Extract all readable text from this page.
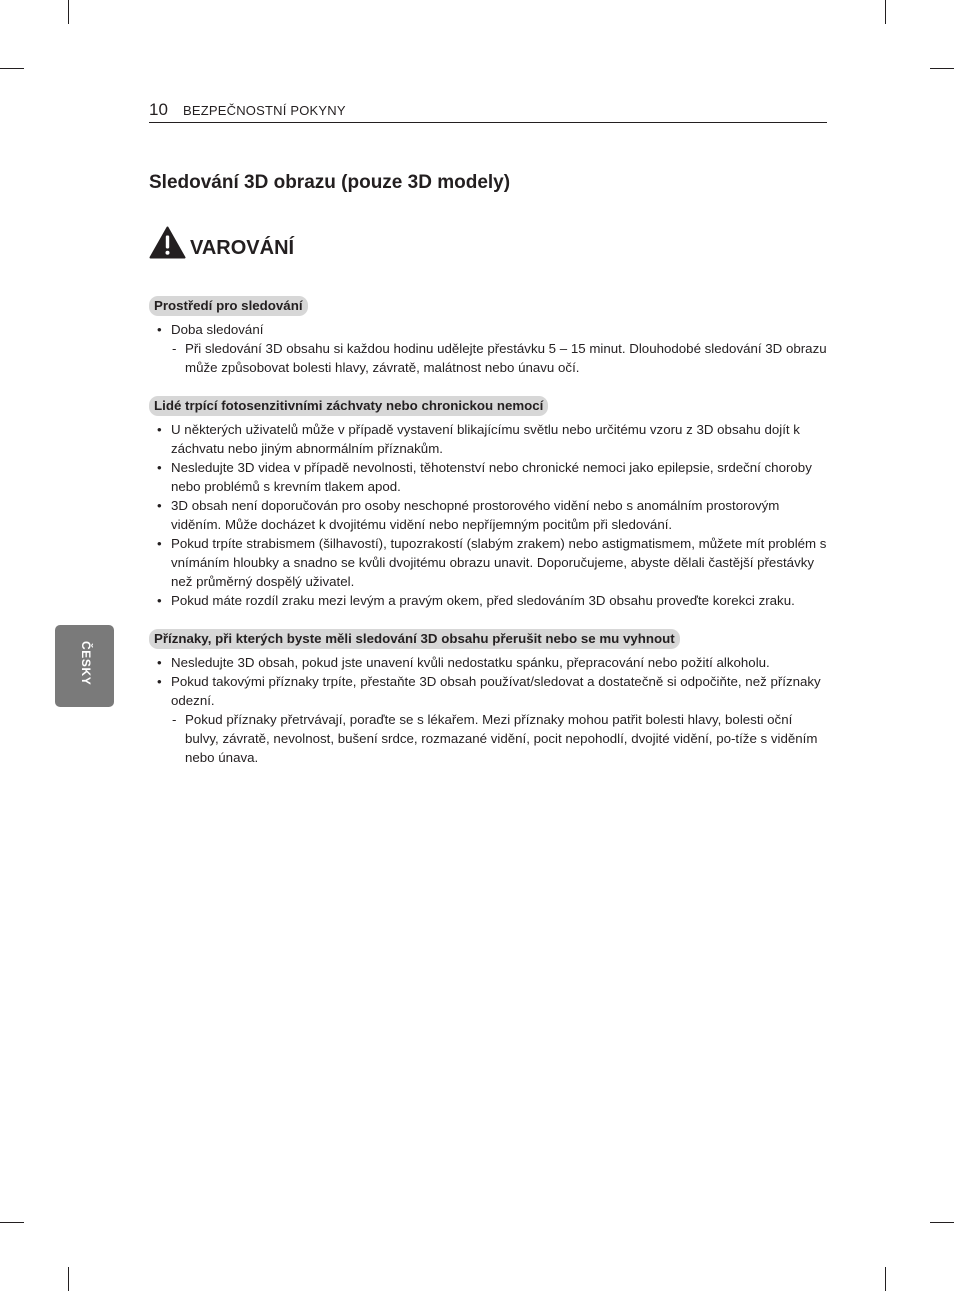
10 BEZPEČNOSTNÍ POKYNY
Sledování 3D obrazu (pouze 3D modely)
VAROVÁNÍ
Prostředí pro sledování
• Doba sledování
- Při sledování 3D obsahu si každou hodinu udělejte přestávku 5 – 15 minut. Dlouhodobé sledování 3D obrazu může způsobovat bolesti hlavy, závratě, malátnost nebo únavu očí.
Lidé trpící fotosenzitivními záchvaty nebo chronickou nemocí
• U některých uživatelů může v případě vystavení blikajícímu světlu nebo určitému vzoru z 3D obsahu dojít k záchvatu nebo jiným abnormálním příznakům.
• Nesledujte 3D videa v případě nevolnosti, těhotenství nebo chronické nemoci jako epilepsie, srdeční choroby nebo problémů s krevním tlakem apod.
• 3D obsah není doporučován pro osoby neschopné prostorového vidění nebo s anomálním prostorovým viděním. Může docházet k dvojitému vidění nebo nepříjemným pocitům při sledování.
• Pokud trpíte strabismem (šilhavostí), tupozrakostí (slabým zrakem) nebo astigmatismem, můžete mít problém s vnímáním hloubky a snadno se kvůli dvojitému obrazu unavit. Doporučujeme, abyste dělali častější přestávky než průměrný dospělý uživatel.
• Pokud máte rozdíl zraku mezi levým a pravým okem, před sledováním 3D obsahu proveďte korekci zraku.
Příznaky, při kterých byste měli sledování 3D obsahu přerušit nebo se mu vyhnout
• Nesledujte 3D obsah, pokud jste unavení kvůli nedostatku spánku, přepracování nebo požití alkoholu.
• Pokud takovými příznaky trpíte, přestaňte 3D obsah používat/sledovat a dostatečně si odpočiňte, než příznaky odezní.
- Pokud příznaky přetrvávají, poraďte se s lékařem. Mezi příznaky mohou patřit bolesti hlavy, bolesti oční bulvy, závratě, nevolnost, bušení srdce, rozmazané vidění, pocit nepohodlí, dvojité vidění, po-tíže s viděním nebo únava.
ČESKY
